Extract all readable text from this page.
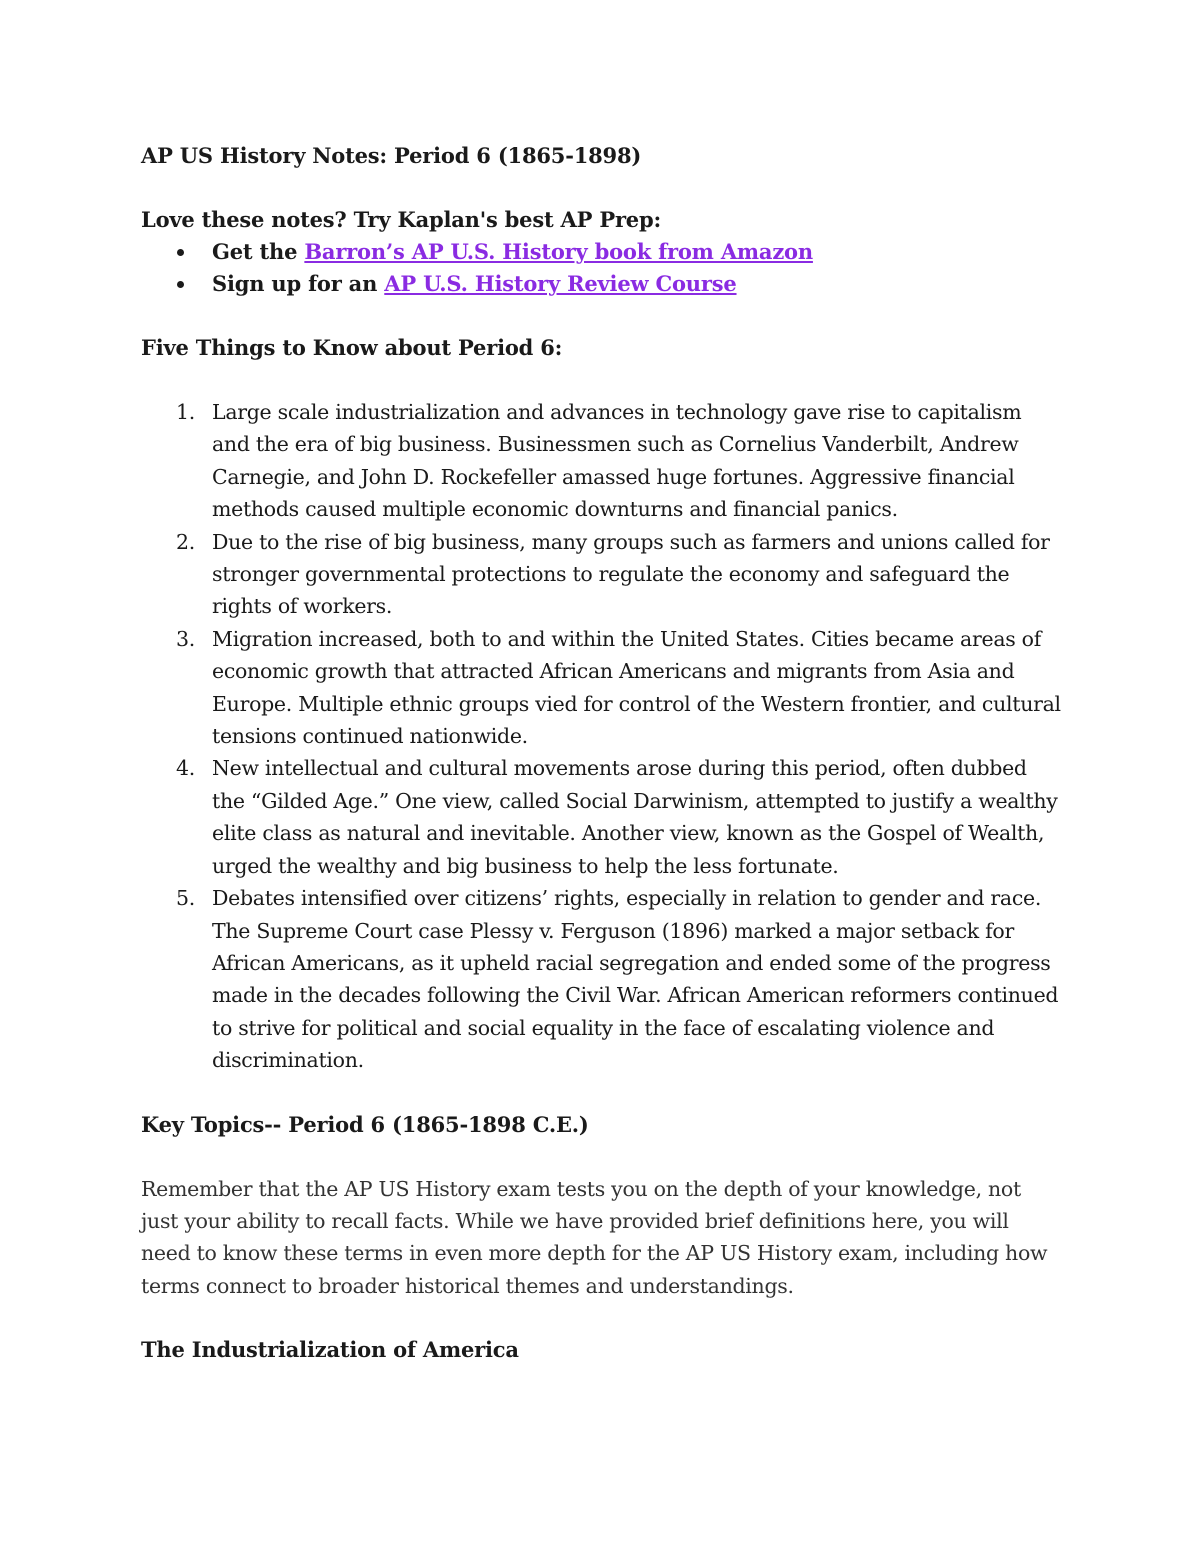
AP US History Notes: Period 6 (1865-1898)

Love these notes? Try Kaplan's best AP Prep:

Get the Barron’s AP U.S. History book from Amazon
Sign up for an AP U.S. History Review Course

Five Things to Know about Period 6:

1. Large scale industrialization and advances in technology gave rise to capitalism and the era of big business. Businessmen such as Cornelius Vanderbilt, Andrew Carnegie, and John D. Rockefeller amassed huge fortunes. Aggressive financial methods caused multiple economic downturns and financial panics.
2. Due to the rise of big business, many groups such as farmers and unions called for stronger governmental protections to regulate the economy and safeguard the rights of workers.
3. Migration increased, both to and within the United States. Cities became areas of economic growth that attracted African Americans and migrants from Asia and Europe. Multiple ethnic groups vied for control of the Western frontier, and cultural tensions continued nationwide.
4. New intellectual and cultural movements arose during this period, often dubbed the “Gilded Age.” One view, called Social Darwinism, attempted to justify a wealthy elite class as natural and inevitable. Another view, known as the Gospel of Wealth, urged the wealthy and big business to help the less fortunate.
5. Debates intensified over citizens’ rights, especially in relation to gender and race. The Supreme Court case Plessy v. Ferguson (1896) marked a major setback for African Americans, as it upheld racial segregation and ended some of the progress made in the decades following the Civil War. African American reformers continued to strive for political and social equality in the face of escalating violence and discrimination.

Key Topics-- Period 6 (1865-1898 C.E.)

Remember that the AP US History exam tests you on the depth of your knowledge, not just your ability to recall facts. While we have provided brief definitions here, you will need to know these terms in even more depth for the AP US History exam, including how terms connect to broader historical themes and understandings.

The Industrialization of America
